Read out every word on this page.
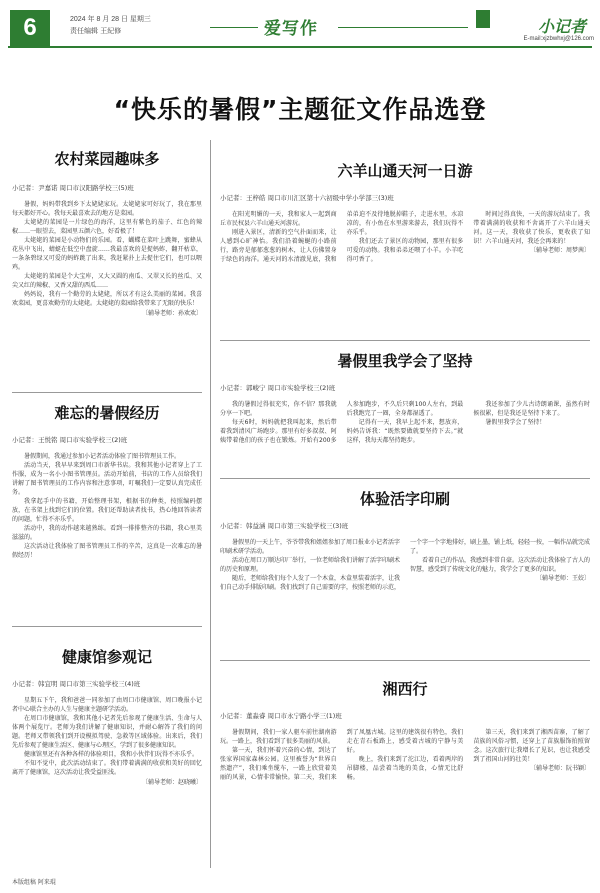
6	2024 年 8 月 28 日 星期三
责任编辑 王紀修	爱写作	小记者
E-mail:xjzbwhxj@126.com
“快乐的暑假”主题征文作品选登
农村菜园趣味多
小记者：尹嘉诺 周口市汉阳路学校三(5)班

暑假，妈妈带我到乡下太姥姥家玩。太姥姥家可好玩了，我在那里每天都好开心。我每天最喜欢去的地方是菜园。

太姥姥的菜园是一片绿色的海洋，这里有紫色的茄子、红色的辣椒……一眼望去，菜园里五颜六色，好看极了！

太姥姥的菜园是小动物们的乐园。看，蝴蝶在菜叶上跳舞，蜜蜂从花丛中飞出，蜻蜓在低空中盘旋……我最喜欢的是捉蚂蚱，翻开枯草，一条条碧绿又可爱的蚂蚱跳了出来，我赶紧扑上去捉住它们，也可以喂鸡。

太姥姥的菜园是个大宝库，又大又圆的南瓜、又翠又长的丝瓜、又尖又红的辣椒、又香又甜的西瓜……

妈妈说，我有一个勤劳的太姥姥，所以才有这么美丽的菜园。我喜欢菜园，更喜欢勤劳的太姥姥。太姥姥的菜园给我带来了无限的快乐！

〔辅导老师：孙欢欢〕
难忘的暑假经历
小记者：王悦铭 周口市实验学校三(2)班

暑假期间，我通过参加小记者活动体验了图书管理员工作。

活动当天，我早早来到周口市新华书店。我和其他小记者穿上了工作服，成为一名小小图书管理员。活动开始前，书店的工作人员给我们讲解了图书管理员的工作内容和注意事项，叮嘱我们一定要认真完成任务。

我拿起手中的书籍，开始整理书架，根据书的种类，按照编码摆放，在书架上找到它们的位置。我们还帮助读者找书，热心地回答读者的问题，忙得不亦乐乎。

活动中，我的动作越来越熟练。看到一排排整齐的书籍，我心里美滋滋的。

这次活动让我体验了图书管理员工作的辛苦，这真是一次难忘的暑假经历！

健康馆参观记
小记者：韩宜明 周口市第三实验学校三(4)班

星期五下午，我和爸爸一同参加了由周口市健康馆、周口晚报小记者中心联合主办的人生与健康主题研学活动。

在周口市健康馆，我和其他小记者先后参观了健康生活、生命与人体两个展览厅。老师为我们讲解了健康知识，并耐心解答了我们的问题。老师又带领我们到开设模拟驾驶、急救等区域体验。出来后，我们先后参观了健康生活区、健康与心理区，学到了很多健康知识。

健康馆里还有各种各样的体验项目，我和小伙伴们玩得不亦乐乎。

不知不觉中，此次活动结束了。我们带着满满的收获和美好的回忆离开了健康馆，这次活动让我受益匪浅。

〔辅导老师：赵晓曦〕
六羊山通天河一日游
小记者：王梓皓 周口市川汇区第十六初级中学小学部三(3)班

在阳光明媚的一天，我和家人一起到商丘市民权县六羊山通天河游玩。

刚进入景区，清新的空气扑面而来，让人感到心旷神怡。我们沿着蜿蜒的小路前行，路旁是郁郁葱葱的树木，让人仿佛置身于绿色的海洋。通天河的水清澈见底，我和弟弟迫不及待地脱掉鞋子，走进水里，水凉凉的，有小鱼在水里游来游去，我们玩得不亦乐乎。

我们还去了景区的动物园，那里有很多可爱的动物。我和弟弟还喂了小羊。小羊吃得可香了。

时间过得真快，一天的游玩结束了。我带着满满的收获和不舍离开了六羊山通天河。这一天，我收获了快乐，更收获了知识！六羊山通天河，我还会再来的！

〔辅导老师：周梦茜〕
暑假里我学会了坚持
小记者：郭峻宁 周口市实验学校三(2)班

我的暑假过得很充实，你不信？那我就分享一下吧。

每天6时，妈妈就把我叫起来，然后带着我到清风广场跑步。那里有好多叔叔、阿姨带着他们的孩子也在锻炼。开始有200多人参加跑步，不久后只剩100人左右，到最后我跑完了一圈，全身都湿透了。

记得有一天，我早上起不来，想放弃，妈妈告诉我：“既然要做就要坚持下去。”就这样，我每天都坚持跑步。

我还参加了少儿古诗朗诵课，虽然有时候很累，但是我还是坚持下来了。

暑假里我学会了坚持！

体验活字印刷
小记者：韩益涵 周口市第三实验学校三(3)班

暑假里的一天上午，爷爷带我和姐姐参加了周口报业小记者活字印刷术研学活动。

活动在周口万顺达印厂举行，一位老师给我们讲解了活字印刷术的历史和原理。

随后，老师给我们每个人发了一个木盒，木盒里装着活字，让我们自己动手排版印刷。我们找到了自己需要的字，按照老师的示范，一个字一个字地排好，刷上墨，铺上纸，轻轻一按，一幅作品就完成了。

看着自己的作品，我感到非常自豪。这次活动让我体验了古人的智慧，感受到了传统文化的魅力，我学会了更多的知识。

〔辅导老师：王姣〕
湘西行
小记者：董淼睿 周口市永宁路小学三(1)班

暑假期间，我们一家人驱车前往湖南游玩。一路上，我们看到了很多美丽的风景。

第一天，我们怀着兴奋的心情，到达了张家界国家森林公园。这里被誉为“世界自然遗产”，我们乘坐缆车，一路上欣赏着美丽的风景，心情非常愉快。第二天，我们来到了凤凰古城。这里的建筑很有特色，我们走在青石板路上，感受着古城的宁静与美好。

晚上，我们来到了沱江边，看着两岸的吊脚楼，品尝着当地的美食，心情无比舒畅。

第三天，我们来到了湘西苗寨，了解了苗族的风俗习惯，还穿上了苗族服饰拍照留念。这次旅行让我增长了见识，也让我感受到了祖国山河的壮美！

〔辅导老师：阮书颖〕
本版组稿 阿来琨
